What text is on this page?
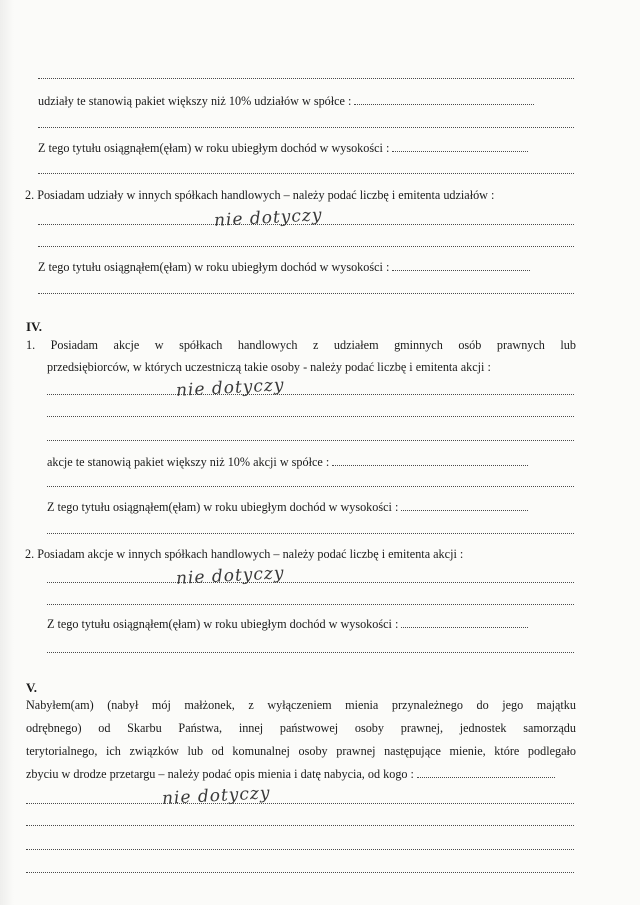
udziały te stanowią pakiet większy niż 10% udziałów w spółce :
Z tego tytułu osiągnąłem(ęłam) w roku ubiegłym dochód w wysokości :
2. Posiadam udziały w innych spółkach handlowych – należy podać liczbę i emitenta udziałów :
nie dotyczy
Z tego tytułu osiągnąłem(ęłam) w roku ubiegłym dochód w wysokości :
IV.
1. Posiadam akcje w spółkach handlowych z udziałem gminnych osób prawnych lub
przedsiębiorców, w których uczestniczą takie osoby - należy podać liczbę i emitenta akcji :
nie dotyczy
akcje te stanowią pakiet większy niż 10% akcji w spółce :
Z tego tytułu osiągnąłem(ęłam) w roku ubiegłym dochód w wysokości :
2. Posiadam akcje w innych spółkach handlowych – należy podać liczbę i emitenta akcji :
nie dotyczy
Z tego tytułu osiągnąłem(ęłam) w roku ubiegłym dochód w wysokości :
V.
Nabyłem(am) (nabył mój małżonek, z wyłączeniem mienia przynależnego do jego majątku
odrębnego) od Skarbu Państwa, innej państwowej osoby prawnej, jednostek samorządu
terytorialnego, ich związków lub od komunalnej osoby prawnej następujące mienie, które podlegało
zbyciu w drodze przetargu – należy podać opis mienia i datę nabycia, od kogo :
nie dotyczy
